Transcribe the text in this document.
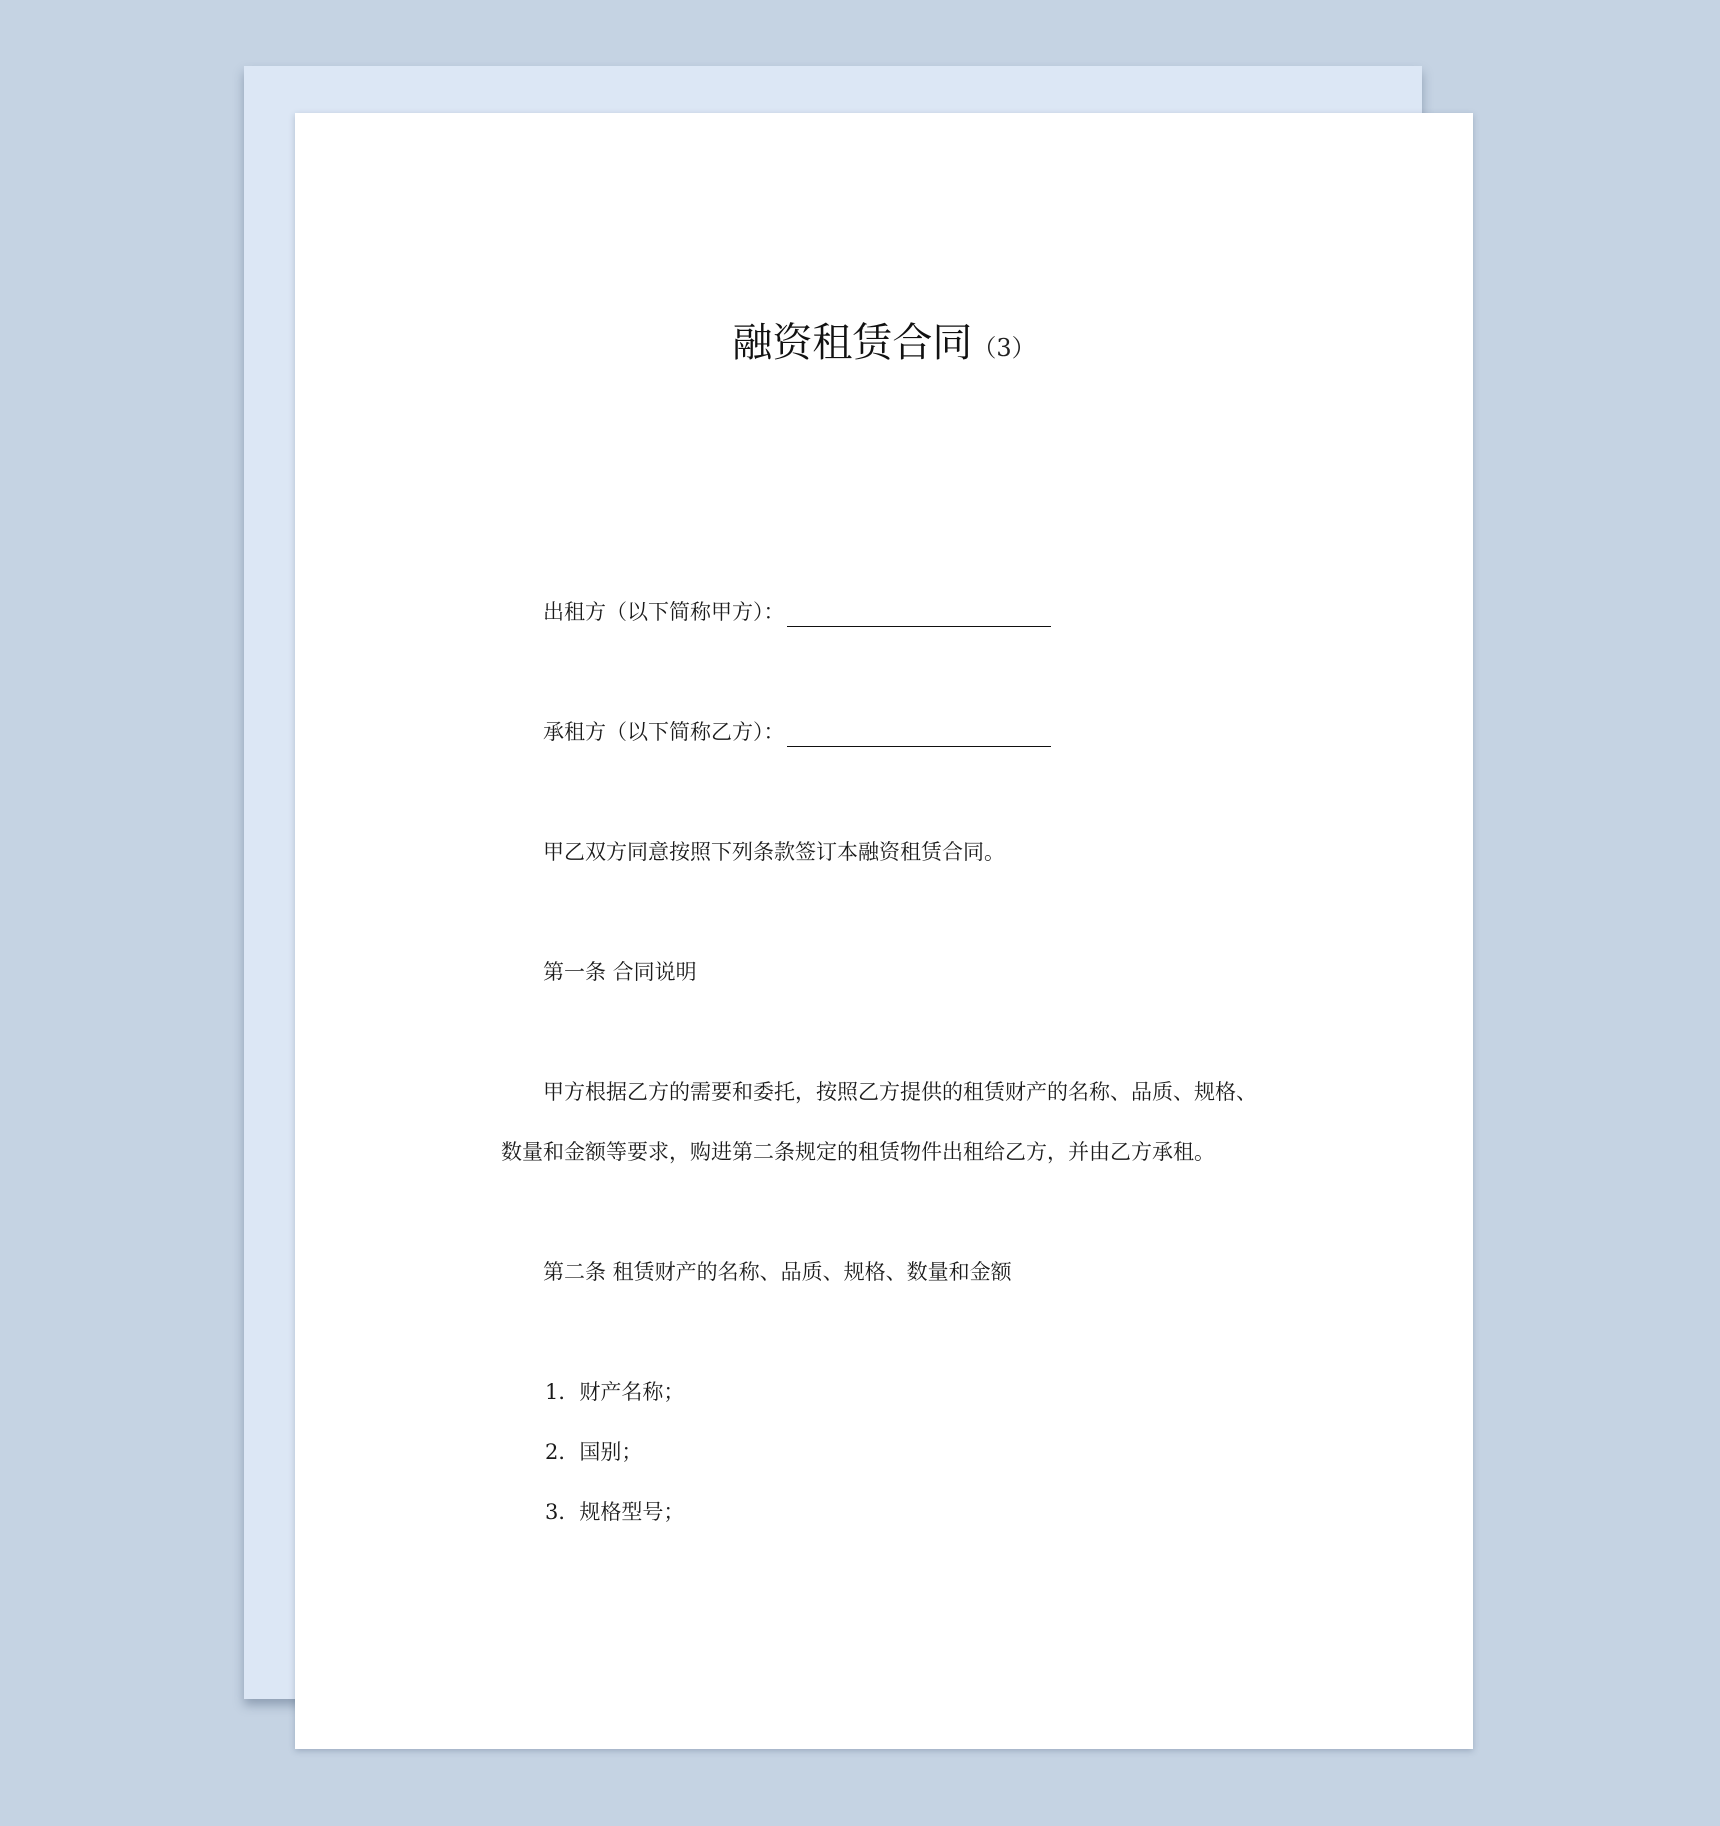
融资租赁合同（3）
出租方（以下简称甲方）：
承租方（以下简称乙方）：
甲乙双方同意按照下列条款签订本融资租赁合同。
第一条 合同说明
甲方根据乙方的需要和委托，按照乙方提供的租赁财产的名称、品质、规格、
数量和金额等要求，购进第二条规定的租赁物件出租给乙方，并由乙方承租。
第二条 租赁财产的名称、品质、规格、数量和金额
1．财产名称；
2．国别；
3．规格型号；
